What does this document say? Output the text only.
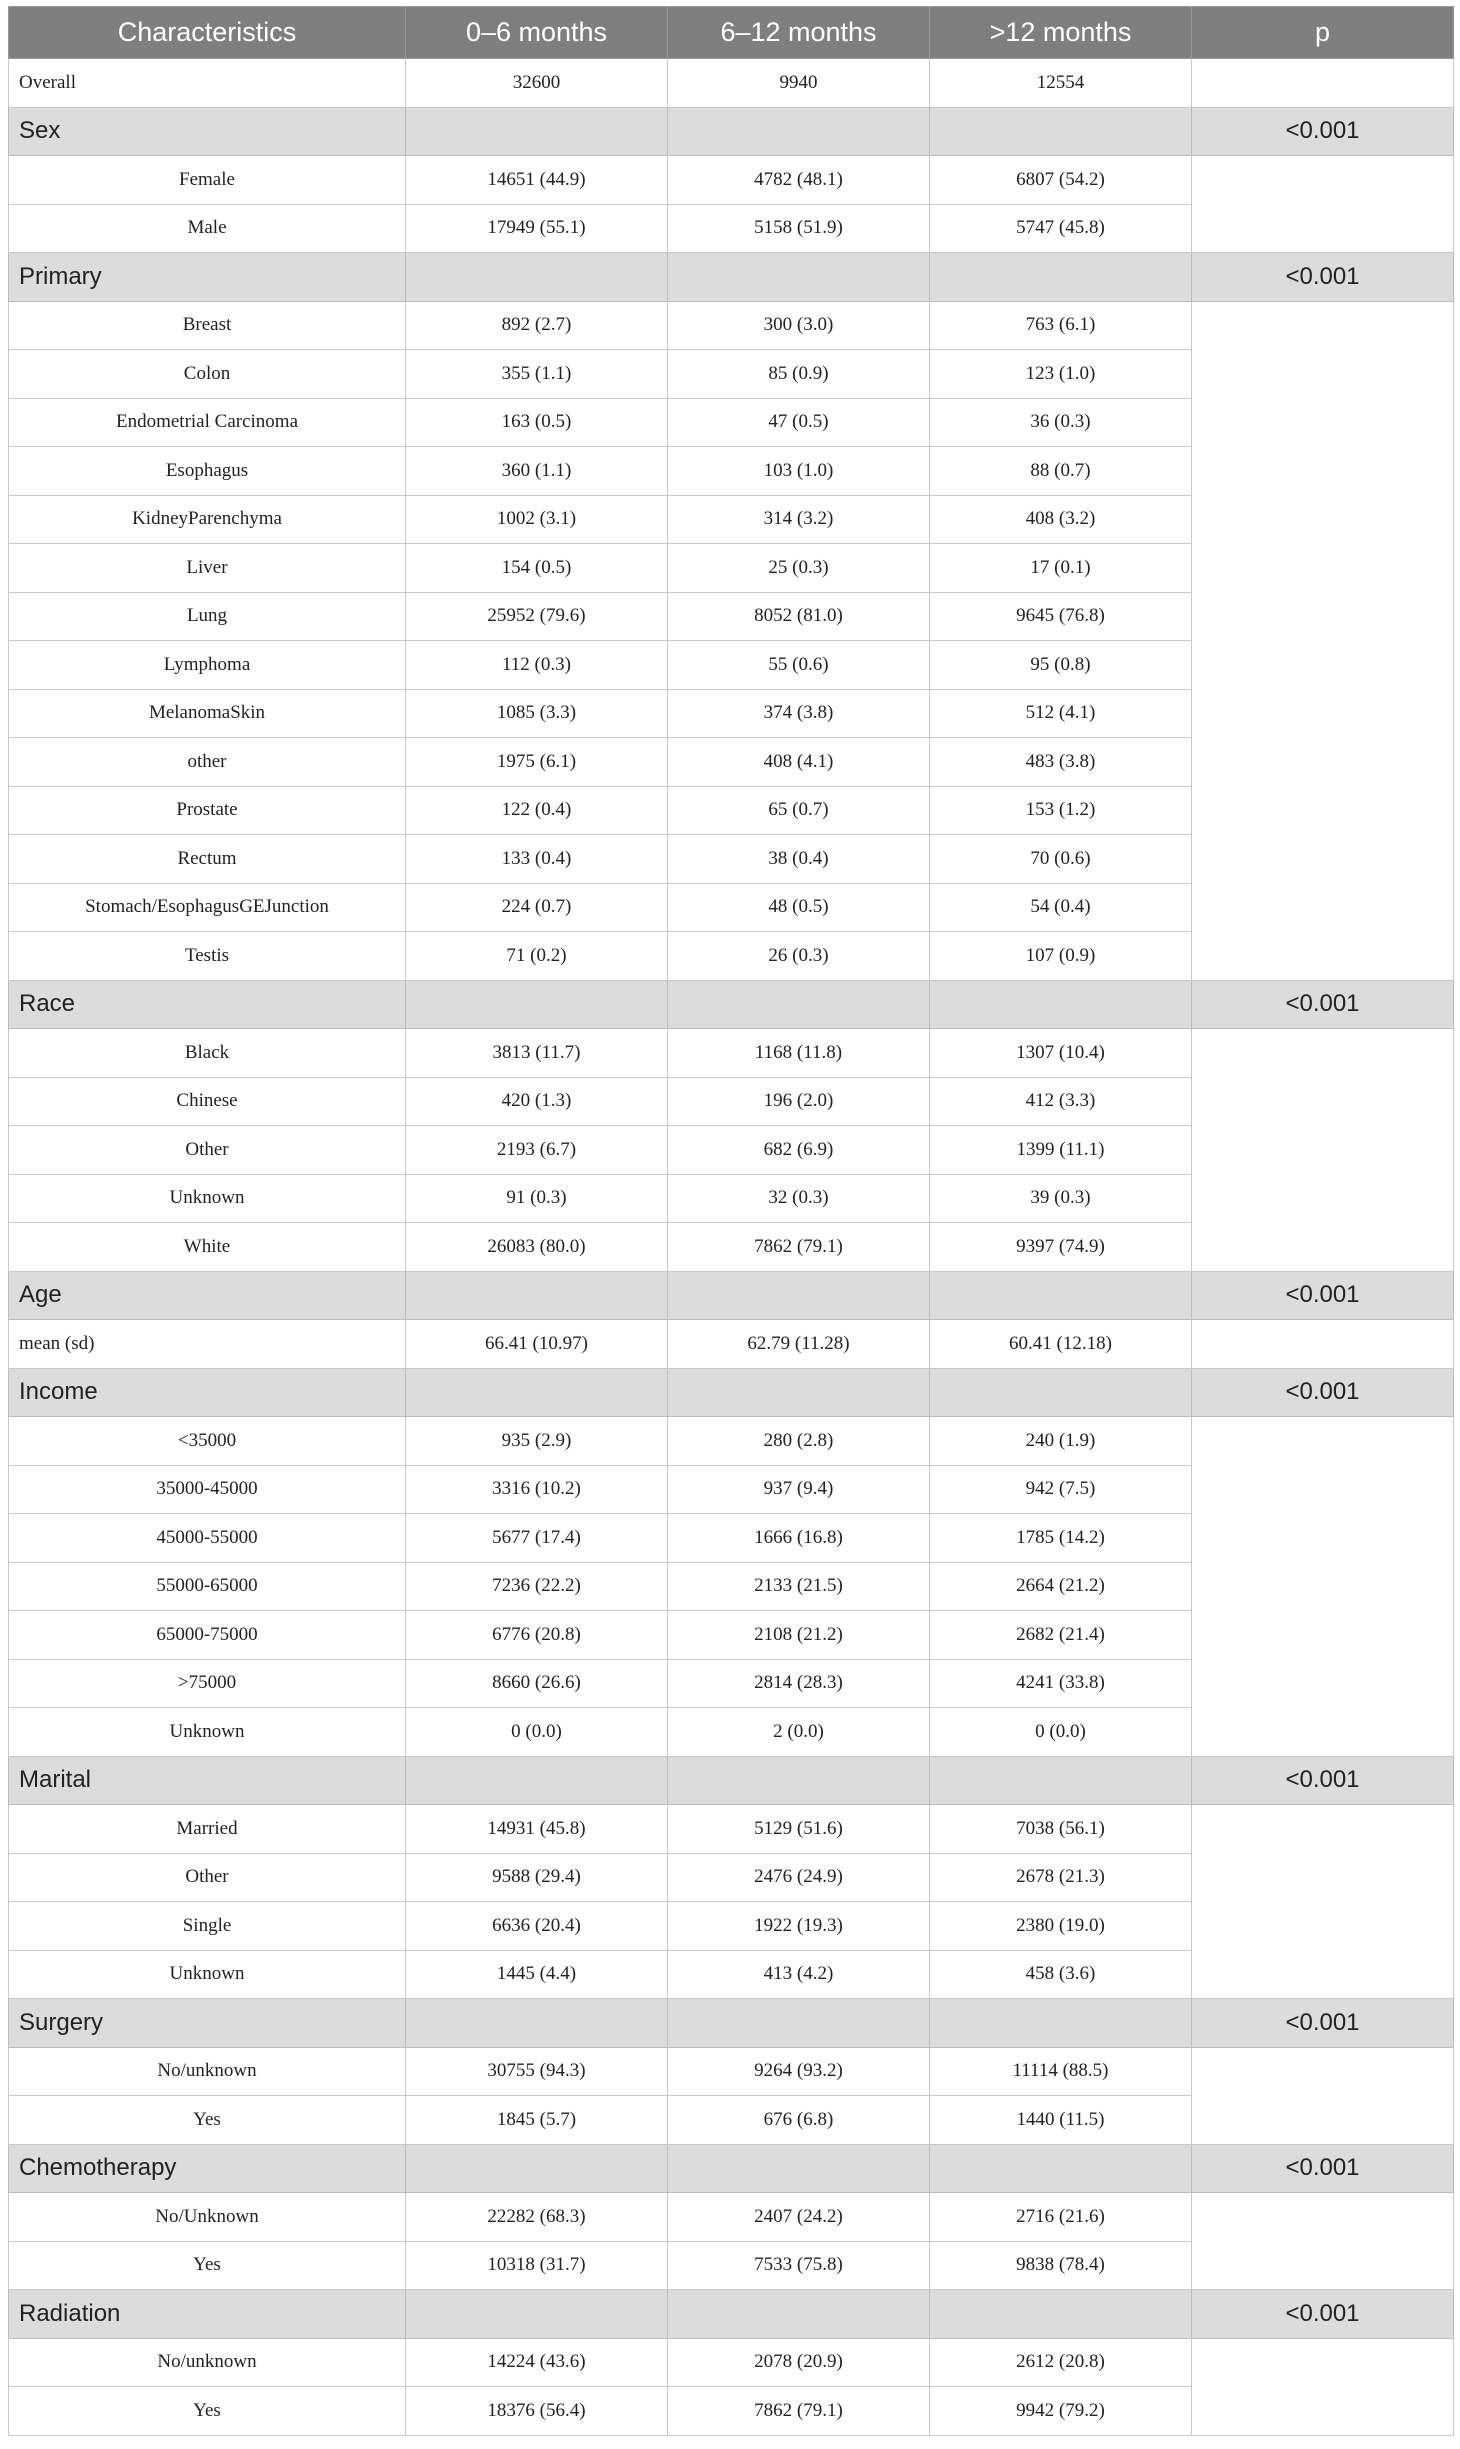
Characteristics	0–6 months	6–12 months	>12 months	p
Overall	32600	9940	12554	
Sex				<0.001
Female	14651 (44.9)	4782 (48.1)	6807 (54.2)	
Male	17949 (55.1)	5158 (51.9)	5747 (45.8)	
Primary				<0.001
Breast	892 (2.7)	300 (3.0)	763 (6.1)	
Colon	355 (1.1)	85 (0.9)	123 (1.0)	
Endometrial Carcinoma	163 (0.5)	47 (0.5)	36 (0.3)	
Esophagus	360 (1.1)	103 (1.0)	88 (0.7)	
KidneyParenchyma	1002 (3.1)	314 (3.2)	408 (3.2)	
Liver	154 (0.5)	25 (0.3)	17 (0.1)	
Lung	25952 (79.6)	8052 (81.0)	9645 (76.8)	
Lymphoma	112 (0.3)	55 (0.6)	95 (0.8)	
MelanomaSkin	1085 (3.3)	374 (3.8)	512 (4.1)	
other	1975 (6.1)	408 (4.1)	483 (3.8)	
Prostate	122 (0.4)	65 (0.7)	153 (1.2)	
Rectum	133 (0.4)	38 (0.4)	70 (0.6)	
Stomach/EsophagusGEJunction	224 (0.7)	48 (0.5)	54 (0.4)	
Testis	71 (0.2)	26 (0.3)	107 (0.9)	
Race				<0.001
Black	3813 (11.7)	1168 (11.8)	1307 (10.4)	
Chinese	420 (1.3)	196 (2.0)	412 (3.3)	
Other	2193 (6.7)	682 (6.9)	1399 (11.1)	
Unknown	91 (0.3)	32 (0.3)	39 (0.3)	
White	26083 (80.0)	7862 (79.1)	9397 (74.9)	
Age				<0.001
mean (sd)	66.41 (10.97)	62.79 (11.28)	60.41 (12.18)	
Income				<0.001
<35000	935 (2.9)	280 (2.8)	240 (1.9)	
35000-45000	3316 (10.2)	937 (9.4)	942 (7.5)	
45000-55000	5677 (17.4)	1666 (16.8)	1785 (14.2)	
55000-65000	7236 (22.2)	2133 (21.5)	2664 (21.2)	
65000-75000	6776 (20.8)	2108 (21.2)	2682 (21.4)	
>75000	8660 (26.6)	2814 (28.3)	4241 (33.8)	
Unknown	0 (0.0)	2 (0.0)	0 (0.0)	
Marital				<0.001
Married	14931 (45.8)	5129 (51.6)	7038 (56.1)	
Other	9588 (29.4)	2476 (24.9)	2678 (21.3)	
Single	6636 (20.4)	1922 (19.3)	2380 (19.0)	
Unknown	1445 (4.4)	413 (4.2)	458 (3.6)	
Surgery				<0.001
No/unknown	30755 (94.3)	9264 (93.2)	11114 (88.5)	
Yes	1845 (5.7)	676 (6.8)	1440 (11.5)	
Chemotherapy				<0.001
No/Unknown	22282 (68.3)	2407 (24.2)	2716 (21.6)	
Yes	10318 (31.7)	7533 (75.8)	9838 (78.4)	
Radiation				<0.001
No/unknown	14224 (43.6)	2078 (20.9)	2612 (20.8)	
Yes	18376 (56.4)	7862 (79.1)	9942 (79.2)	
